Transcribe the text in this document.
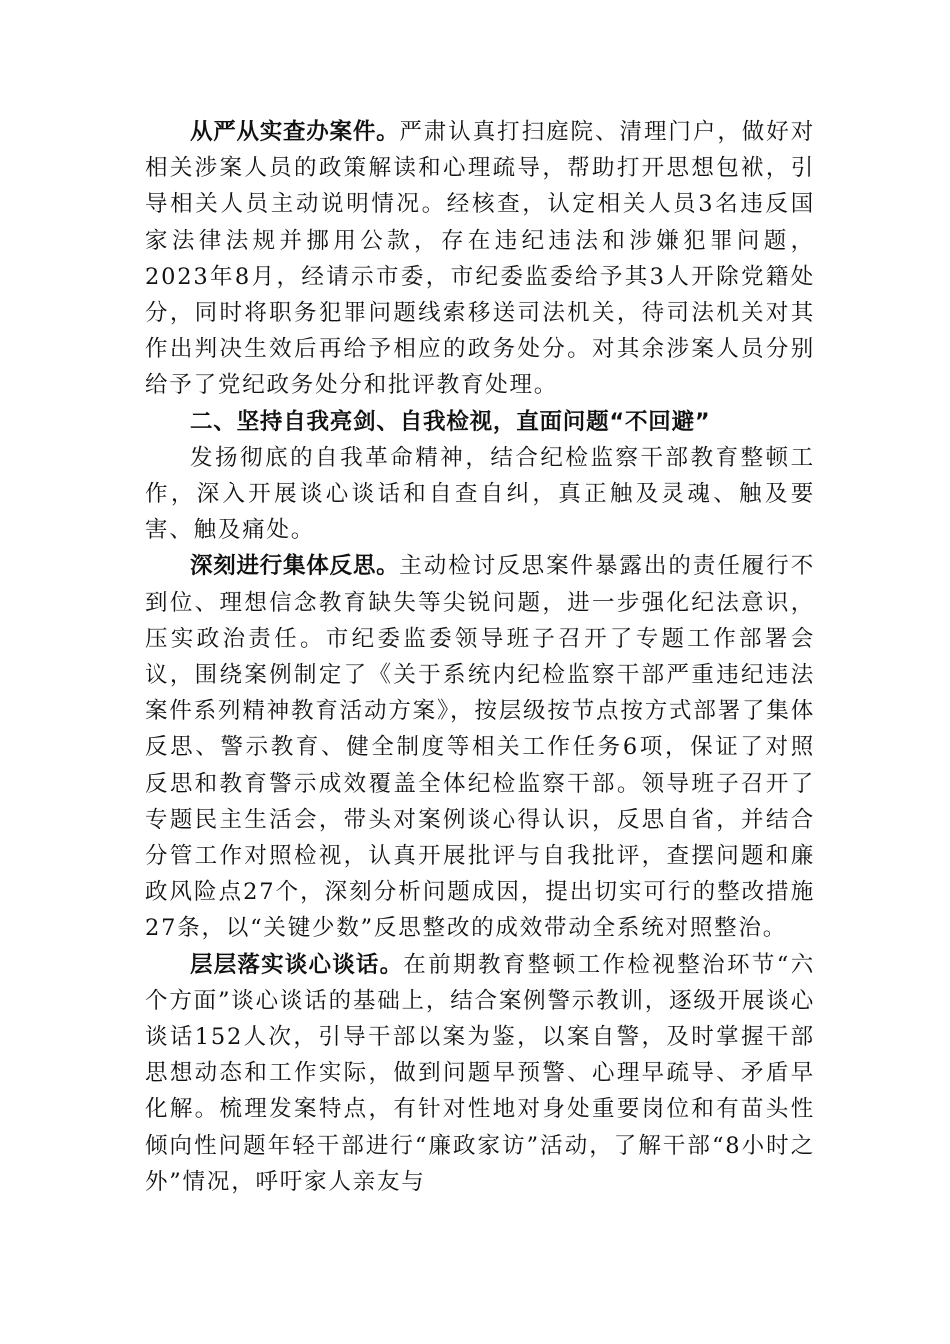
从严从实查办案件。严肃认真打扫庭院、清理门户，做好对相关涉案人员的政策解读和心理疏导，帮助打开思想包袱，引导相关人员主动说明情况。经核查，认定相关人员3名违反国家法律法规并挪用公款，存在违纪违法和涉嫌犯罪问题，2023年8月，经请示市委，市纪委监委给予其3人开除党籍处分，同时将职务犯罪问题线索移送司法机关，待司法机关对其作出判决生效后再给予相应的政务处分。对其余涉案人员分别给予了党纪政务处分和批评教育处理。

二、坚持自我亮剑、自我检视，直面问题“不回避”

发扬彻底的自我革命精神，结合纪检监察干部教育整顿工作，深入开展谈心谈话和自查自纠，真正触及灵魂、触及要害、触及痛处。

深刻进行集体反思。主动检讨反思案件暴露出的责任履行不到位、理想信念教育缺失等尖锐问题，进一步强化纪法意识，压实政治责任。市纪委监委领导班子召开了专题工作部署会议，围绕案例制定了《关于系统内纪检监察干部严重违纪违法案件系列精神教育活动方案》，按层级按节点按方式部署了集体反思、警示教育、健全制度等相关工作任务6项，保证了对照反思和教育警示成效覆盖全体纪检监察干部。领导班子召开了专题民主生活会，带头对案例谈心得认识，反思自省，并结合分管工作对照检视，认真开展批评与自我批评，查摆问题和廉政风险点27个，深刻分析问题成因，提出切实可行的整改措施27条，以“关键少数”反思整改的成效带动全系统对照整治。

层层落实谈心谈话。在前期教育整顿工作检视整治环节“六个方面”谈心谈话的基础上，结合案例警示教训，逐级开展谈心谈话152人次，引导干部以案为鉴，以案自警，及时掌握干部思想动态和工作实际，做到问题早预警、心理早疏导、矛盾早化解。梳理发案特点，有针对性地对身处重要岗位和有苗头性倾向性问题年轻干部进行“廉政家访”活动，了解干部“8小时之外”情况，呼吁家人亲友与
